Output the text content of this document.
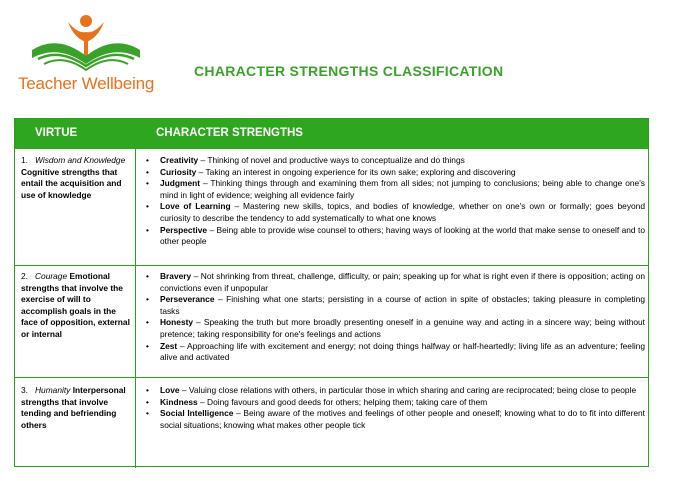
Teacher Wellbeing
CHARACTER STRENGTHS CLASSIFICATION
VIRTUE	CHARACTER STRENGTHS
1. Wisdom and Knowledge Cognitive strengths that entail the acquisition and use of knowledge
• Creativity – Thinking of novel and productive ways to conceptualize and do things
• Curiosity – Taking an interest in ongoing experience for its own sake; exploring and discovering
• Judgment – Thinking things through and examining them from all sides; not jumping to conclusions; being able to change one's mind in light of evidence; weighing all evidence fairly
• Love of Learning – Mastering new skills, topics, and bodies of knowledge, whether on one's own or formally; goes beyond curiosity to describe the tendency to add systematically to what one knows
• Perspective – Being able to provide wise counsel to others; having ways of looking at the world that make sense to oneself and to other people
2. Courage Emotional strengths that involve the exercise of will to accomplish goals in the face of opposition, external or internal
• Bravery – Not shrinking from threat, challenge, difficulty, or pain; speaking up for what is right even if there is opposition; acting on convictions even if unpopular
• Perseverance – Finishing what one starts; persisting in a course of action in spite of obstacles; taking pleasure in completing tasks
• Honesty – Speaking the truth but more broadly presenting oneself in a genuine way and acting in a sincere way; being without pretence; taking responsibility for one's feelings and actions
• Zest – Approaching life with excitement and energy; not doing things halfway or half-heartedly; living life as an adventure; feeling alive and activated
3. Humanity Interpersonal strengths that involve tending and befriending others
• Love – Valuing close relations with others, in particular those in which sharing and caring are reciprocated; being close to people
• Kindness – Doing favours and good deeds for others; helping them; taking care of them
• Social Intelligence – Being aware of the motives and feelings of other people and oneself; knowing what to do to fit into different social situations; knowing what makes other people tick
